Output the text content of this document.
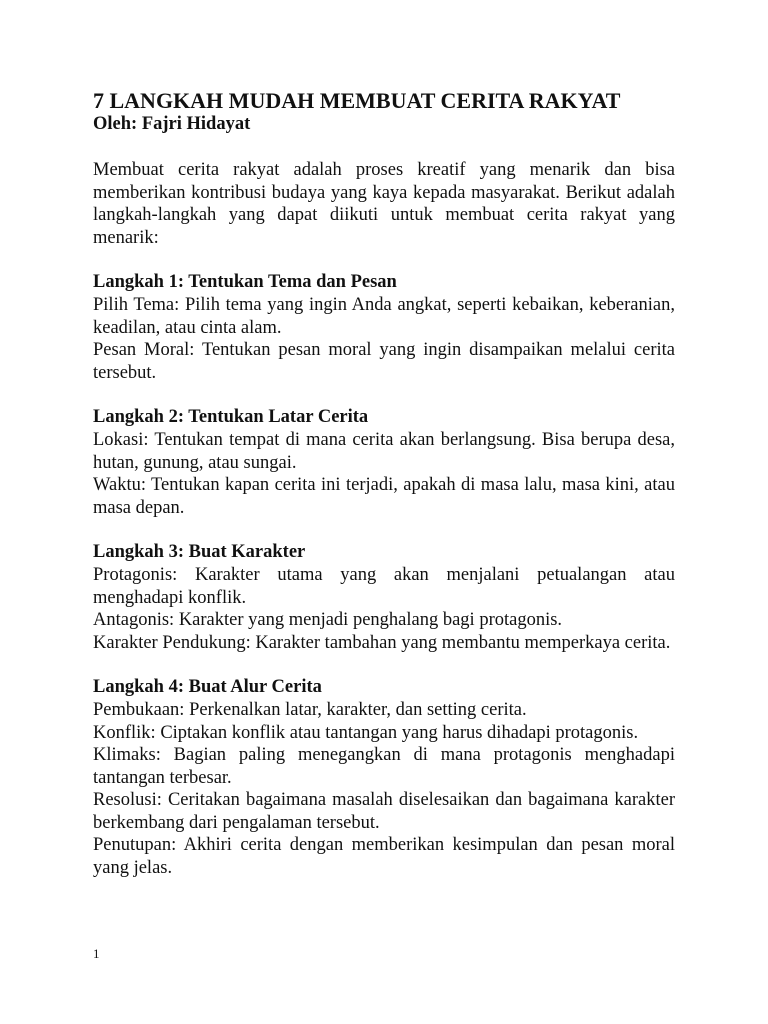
7 LANGKAH MUDAH MEMBUAT CERITA RAKYAT

Oleh: Fajri Hidayat

Membuat cerita rakyat adalah proses kreatif yang menarik dan bisa memberikan kontribusi budaya yang kaya kepada masyarakat. Berikut adalah langkah-langkah yang dapat diikuti untuk membuat cerita rakyat yang menarik:

Langkah 1: Tentukan Tema dan Pesan

Pilih Tema: Pilih tema yang ingin Anda angkat, seperti kebaikan, keberanian, keadilan, atau cinta alam.

Pesan Moral: Tentukan pesan moral yang ingin disampaikan melalui cerita tersebut.

Langkah 2: Tentukan Latar Cerita

Lokasi: Tentukan tempat di mana cerita akan berlangsung. Bisa berupa desa, hutan, gunung, atau sungai.

Waktu: Tentukan kapan cerita ini terjadi, apakah di masa lalu, masa kini, atau masa depan.

Langkah 3: Buat Karakter

Protagonis: Karakter utama yang akan menjalani petualangan atau menghadapi konflik.

Antagonis: Karakter yang menjadi penghalang bagi protagonis.

Karakter Pendukung: Karakter tambahan yang membantu memperkaya cerita.

Langkah 4: Buat Alur Cerita

Pembukaan: Perkenalkan latar, karakter, dan setting cerita.

Konflik: Ciptakan konflik atau tantangan yang harus dihadapi protagonis.

Klimaks: Bagian paling menegangkan di mana protagonis menghadapi tantangan terbesar.

Resolusi: Ceritakan bagaimana masalah diselesaikan dan bagaimana karakter berkembang dari pengalaman tersebut.

Penutupan: Akhiri cerita dengan memberikan kesimpulan dan pesan moral yang jelas.

1
